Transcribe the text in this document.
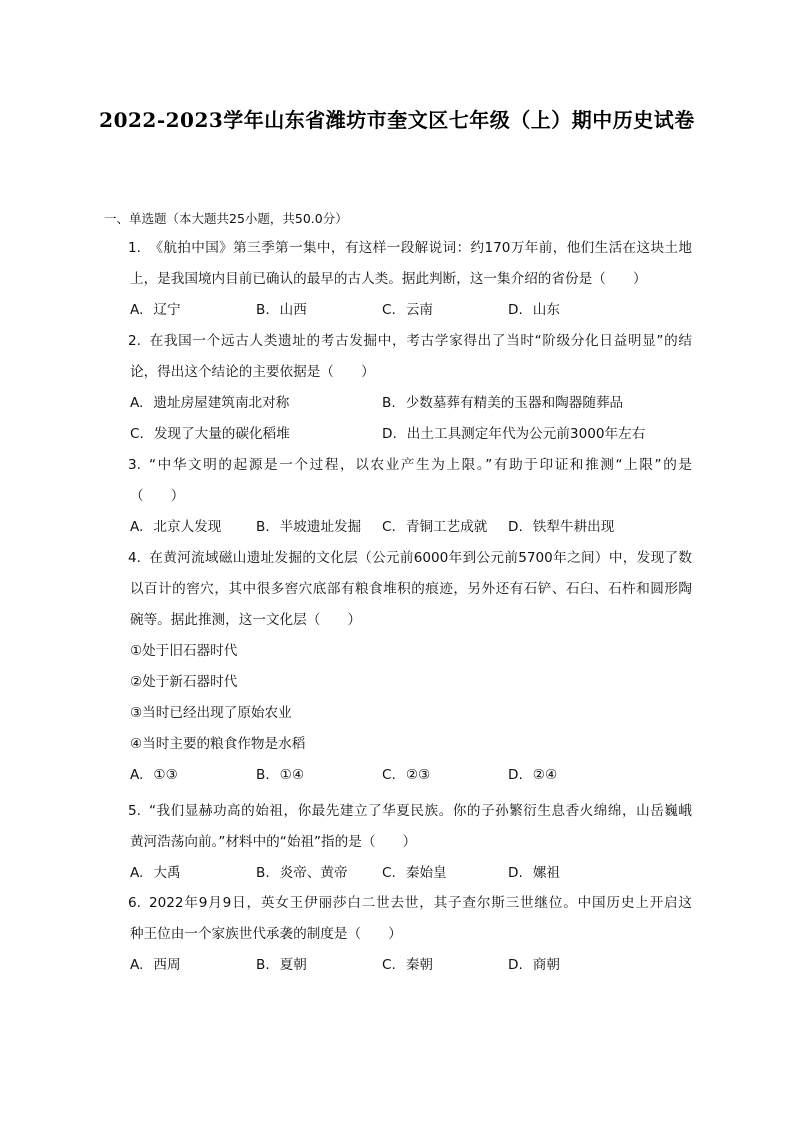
2022-2023学年山东省潍坊市奎文区七年级（上）期中历史试卷
一、单选题（本大题共25小题，共50.0分）
1. 《航拍中国》第三季第一集中，有这样一段解说词：约170万年前，他们生活在这块土地
上，是我国境内目前已确认的最早的古人类。据此判断，这一集介绍的省份是（　　）
A. 辽宁	B. 山西	C. 云南	D. 山东
2. 在我国一个远古人类遗址的考古发掘中，考古学家得出了当时“阶级分化日益明显”的结
论，得出这个结论的主要依据是（　　）
A. 遗址房屋建筑南北对称	B. 少数墓葬有精美的玉器和陶器随葬品
C. 发现了大量的碳化稻堆	D. 出土工具测定年代为公元前3000年左右
3. “中华文明的起源是一个过程，以农业产生为上限。”有助于印证和推测“上限”的是
（　　）
A. 北京人发现	B. 半坡遗址发掘 C. 青铜工艺成就 D. 铁犁牛耕出现
4. 在黄河流域磁山遗址发掘的文化层（公元前6000年到公元前5700年之间）中，发现了数
以百计的窖穴，其中很多窖穴底部有粮食堆积的痕迹，另外还有石铲、石臼、石杵和圆形陶
碗等。据此推测，这一文化层（　　）
①处于旧石器时代
②处于新石器时代
③当时已经出现了原始农业
④当时主要的粮食作物是水稻
A. ①③	B. ①④	C. ②③	D. ②④
5. “我们显赫功高的始祖，你最先建立了华夏民族。你的子孙繁衍生息香火绵绵，山岳巍峨
黄河浩荡向前。”材料中的“始祖”指的是（　　）
A. 大禹	B. 炎帝、黄帝	C. 秦始皇	D. 嫘祖
6. 2022年9月9日，英女王伊丽莎白二世去世，其子查尔斯三世继位。中国历史上开启这
种王位由一个家族世代承袭的制度是（　　）
A. 西周	B. 夏朝	C. 秦朝	D. 商朝
